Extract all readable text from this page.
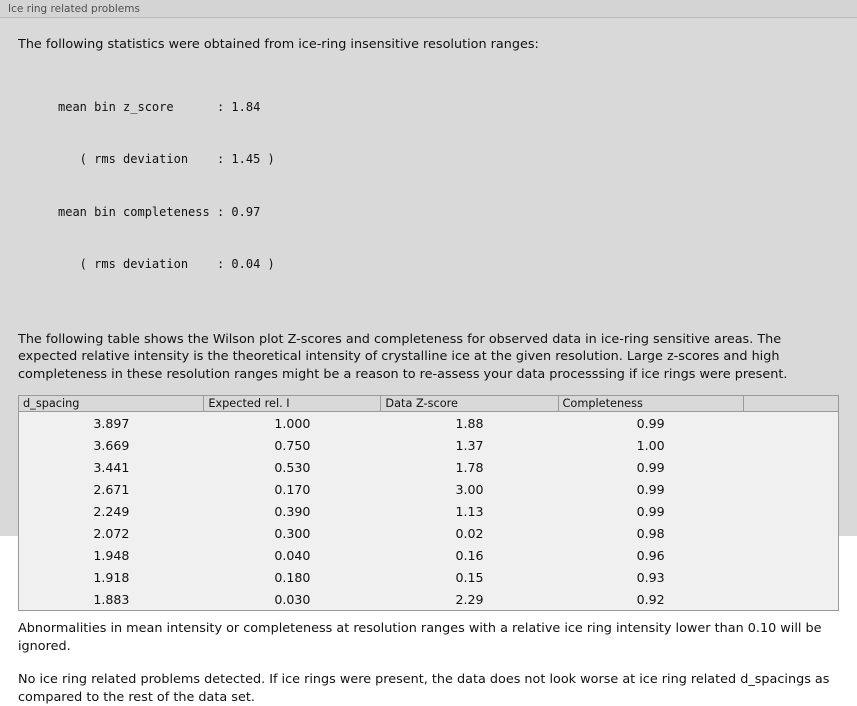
Ice ring related problems

The following statistics were obtained from ice-ring insensitive resolution ranges:

mean bin z_score      : 1.84

( rms deviation    : 1.45 )

mean bin completeness : 0.97

( rms deviation    : 0.04 )

The following table shows the Wilson plot Z-scores and completeness for observed data in ice-ring sensitive areas. The expected relative intensity is the theoretical intensity of crystalline ice at the given resolution. Large z-scores and high completeness in these resolution ranges might be a reason to re-assess your data processsing if ice rings were present.

d_spacing	Expected rel. I	Data Z-score	Completeness	
3.897	1.000	1.88	0.99	
3.669	0.750	1.37	1.00	
3.441	0.530	1.78	0.99	
2.671	0.170	3.00	0.99	
2.249	0.390	1.13	0.99	
2.072	0.300	0.02	0.98	
1.948	0.040	0.16	0.96	
1.918	0.180	0.15	0.93	
1.883	0.030	2.29	0.92	

Abnormalities in mean intensity or completeness at resolution ranges with a relative ice ring intensity lower than 0.10 will be ignored.

No ice ring related problems detected. If ice rings were present, the data does not look worse at ice ring related d_spacings as compared to the rest of the data set.
